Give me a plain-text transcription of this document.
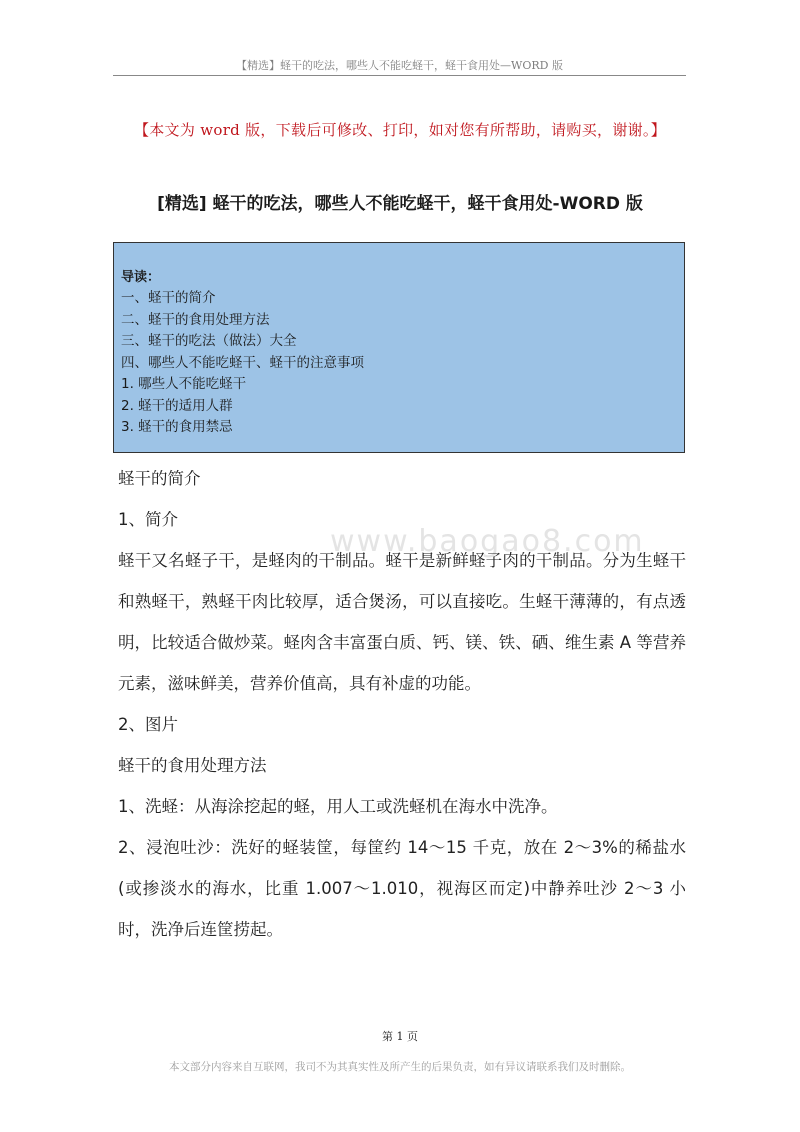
【精选】蛏干的吃法，哪些人不能吃蛏干，蛏干食用处—WORD 版
【本文为 word 版，下载后可修改、打印，如对您有所帮助，请购买，谢谢。】
[精选] 蛏干的吃法，哪些人不能吃蛏干，蛏干食用处-WORD 版
导读：
一、蛏干的简介
二、蛏干的食用处理方法
三、蛏干的吃法（做法）大全
四、哪些人不能吃蛏干、蛏干的注意事项
1. 哪些人不能吃蛏干
2. 蛏干的适用人群
3. 蛏干的食用禁忌
www.baogao8.com

蛏干的简介

1、简介

蛏干又名蛏子干，是蛏肉的干制品。蛏干是新鲜蛏子肉的干制品。分为生蛏干和熟蛏干，熟蛏干肉比较厚，适合煲汤，可以直接吃。生蛏干薄薄的，有点透明，比较适合做炒菜。蛏肉含丰富蛋白质、钙、镁、铁、硒、维生素 A 等营养元素，滋味鲜美，营养价值高，具有补虚的功能。

2、图片

蛏干的食用处理方法

1、洗蛏：从海涂挖起的蛏，用人工或洗蛏机在海水中洗净。

2、浸泡吐沙：洗好的蛏装筐，每筐约 14～15 千克，放在 2～3%的稀盐水(或掺淡水的海水，比重 1.007～1.010，视海区而定)中静养吐沙 2～3 小时，洗净后连筐捞起。

第 1 页
本文部分内容来自互联网，我司不为其真实性及所产生的后果负责，如有异议请联系我们及时删除。
